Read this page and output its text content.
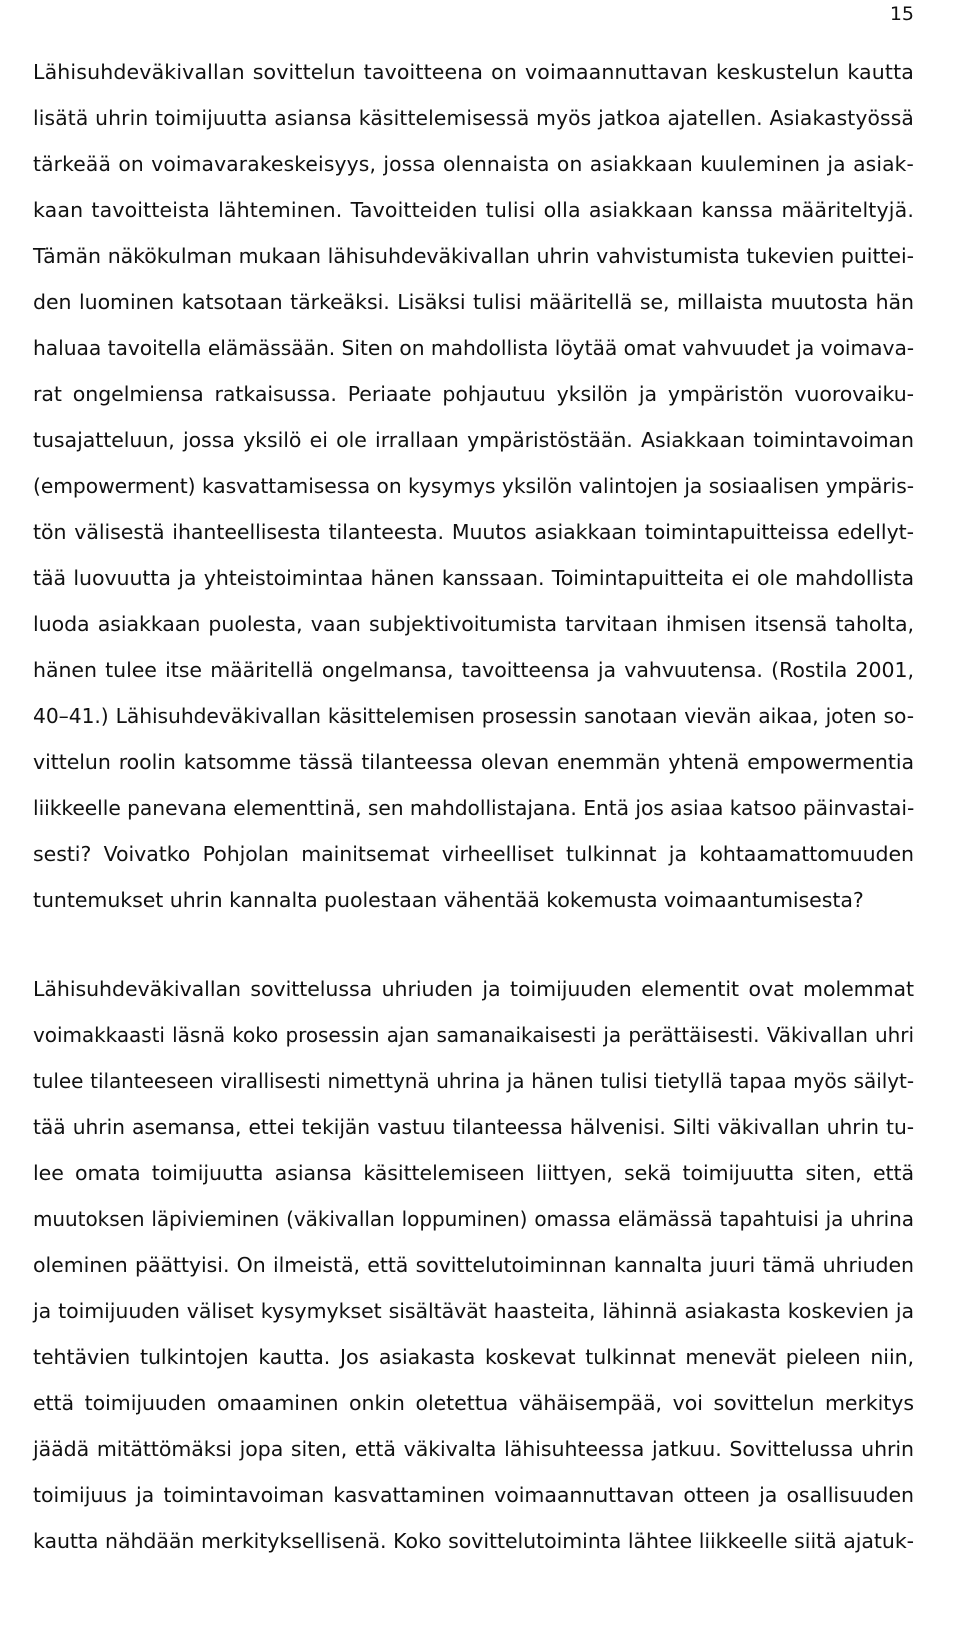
15
Lähisuhdeväkivallan sovittelun tavoitteena on voimaannuttavan keskustelun kautta
lisätä uhrin toimijuutta asiansa käsittelemisessä myös jatkoa ajatellen. Asiakastyössä
tärkeää on voimavarakeskeisyys, jossa olennaista on asiakkaan kuuleminen ja asiak-
kaan tavoitteista lähteminen. Tavoitteiden tulisi olla asiakkaan kanssa määriteltyjä.
Tämän näkökulman mukaan lähisuhdeväkivallan uhrin vahvistumista tukevien puittei-
den luominen katsotaan tärkeäksi. Lisäksi tulisi määritellä se, millaista muutosta hän
haluaa tavoitella elämässään. Siten on mahdollista löytää omat vahvuudet ja voimava-
rat ongelmiensa ratkaisussa. Periaate pohjautuu yksilön ja ympäristön vuorovaiku-
tusajatteluun, jossa yksilö ei ole irrallaan ympäristöstään. Asiakkaan toimintavoiman
(empowerment) kasvattamisessa on kysymys yksilön valintojen ja sosiaalisen ympäris-
tön välisestä ihanteellisesta tilanteesta. Muutos asiakkaan toimintapuitteissa edellyt-
tää luovuutta ja yhteistoimintaa hänen kanssaan. Toimintapuitteita ei ole mahdollista
luoda asiakkaan puolesta, vaan subjektivoitumista tarvitaan ihmisen itsensä taholta,
hänen tulee itse määritellä ongelmansa, tavoitteensa ja vahvuutensa. (Rostila 2001,
40–41.) Lähisuhdeväkivallan käsittelemisen prosessin sanotaan vievän aikaa, joten so-
vittelun roolin katsomme tässä tilanteessa olevan enemmän yhtenä empowermentia
liikkeelle panevana elementtinä, sen mahdollistajana. Entä jos asiaa katsoo päinvastai-
sesti? Voivatko Pohjolan mainitsemat virheelliset tulkinnat ja kohtaamattomuuden
tuntemukset uhrin kannalta puolestaan vähentää kokemusta voimaantumisesta?
Lähisuhdeväkivallan sovittelussa uhriuden ja toimijuuden elementit ovat molemmat
voimakkaasti läsnä koko prosessin ajan samanaikaisesti ja perättäisesti. Väkivallan uhri
tulee tilanteeseen virallisesti nimettynä uhrina ja hänen tulisi tietyllä tapaa myös säilyt-
tää uhrin asemansa, ettei tekijän vastuu tilanteessa hälvenisi. Silti väkivallan uhrin tu-
lee omata toimijuutta asiansa käsittelemiseen liittyen, sekä toimijuutta siten, että
muutoksen läpivieminen (väkivallan loppuminen) omassa elämässä tapahtuisi ja uhrina
oleminen päättyisi. On ilmeistä, että sovittelutoiminnan kannalta juuri tämä uhriuden
ja toimijuuden väliset kysymykset sisältävät haasteita, lähinnä asiakasta koskevien ja
tehtävien tulkintojen kautta. Jos asiakasta koskevat tulkinnat menevät pieleen niin,
että toimijuuden omaaminen onkin oletettua vähäisempää, voi sovittelun merkitys
jäädä mitättömäksi jopa siten, että väkivalta lähisuhteessa jatkuu. Sovittelussa uhrin
toimijuus ja toimintavoiman kasvattaminen voimaannuttavan otteen ja osallisuuden
kautta nähdään merkityksellisenä. Koko sovittelutoiminta lähtee liikkeelle siitä ajatuk-
